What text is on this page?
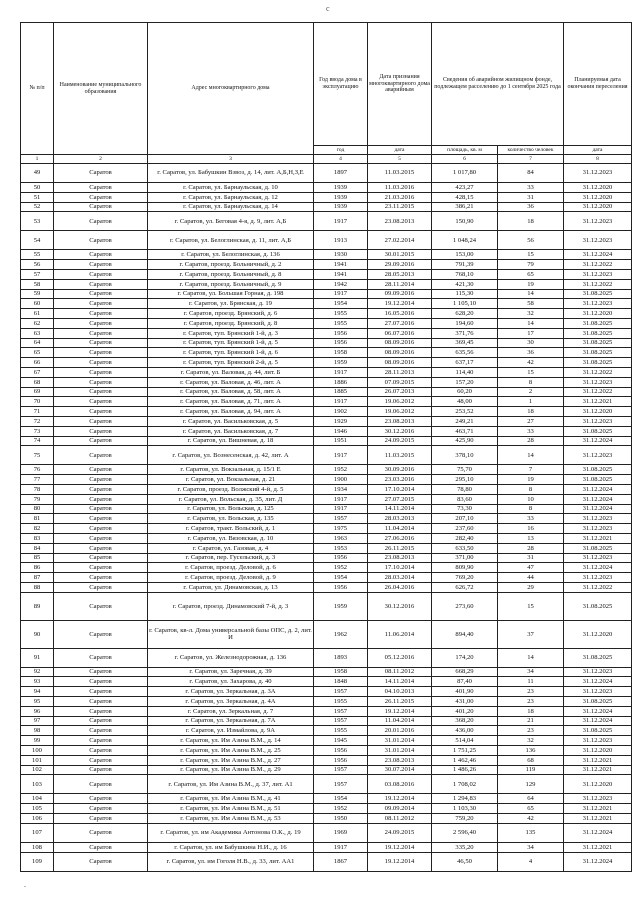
с
№ п/п	Наименование муниципального образования	Адрес многоквартирного дома	Год ввода дома в эксплуатацию	Дата признания многоквартирного дома аварийным	Сведения об аварийном жилищном фонде, подлежащем расселению до 1 сентября 2025 года		Планируемая дата окончания переселения
			год	дата	площадь, кв. м	количество человек	дата
1	2	3	4	5	6	7	8
49	Саратов	г. Саратов, ул. Бабушкин Взвоз, д. 14, лит. А,Б,Н,З,Е	1897	11.03.2015	1 017,80	84	31.12.2023
50	Саратов	г. Саратов, ул. Барнаульская, д. 10	1939	11.03.2016	423,27	33	31.12.2020
51	Саратов	г. Саратов, ул. Барнаульская, д. 12	1939	21.03.2016	428,15	31	31.12.2020
52	Саратов	г. Саратов, ул. Барнаульская, д. 14	1939	23.11.2015	386,21	36	31.12.2020
53	Саратов	г. Саратов, ул. Беговая 4-я, д. 9, лит. А,Б	1917	23.08.2013	150,90	18	31.12.2023
54	Саратов	г. Саратов, ул. Белоглинская, д. 11, лит. А,Б	1913	27.02.2014	1 048,24	56	31.12.2023
55	Саратов	г. Саратов, ул. Белоглинская, д. 136	1930	30.01.2015	153,00	15	31.12.2024
56	Саратов	г. Саратов, проезд. Больничный, д. 2	1941	29.09.2016	791,39	79	31.12.2022
57	Саратов	г. Саратов, проезд. Больничный, д. 8	1941	28.05.2013	768,10	65	31.12.2023
58	Саратов	г. Саратов, проезд. Больничный, д. 9	1942	28.11.2014	421,30	19	31.12.2022
59	Саратов	г. Саратов, ул. Большая Горная, д. 198	1917	09.09.2016	115,30	14	31.08.2025
60	Саратов	г. Саратов, ул. Брянская, д. 19	1954	19.12.2014	1 105,10	58	31.12.2023
61	Саратов	г. Саратов, проезд. Брянский, д. 6	1955	16.05.2016	628,20	32	31.12.2020
62	Саратов	г. Саратов, проезд. Брянский, д. 8	1955	27.07.2016	194,60	14	31.08.2025
63	Саратов	г. Саратов, туп. Брянский 1-й, д. 3	1956	06.07.2016	371,76	17	31.08.2025
64	Саратов	г. Саратов, туп. Брянский 1-й, д. 5	1956	08.09.2016	369,45	30	31.08.2025
65	Саратов	г. Саратов, туп. Брянский 1-й, д. 6	1958	08.09.2016	635,56	36	31.08.2025
66	Саратов	г. Саратов, туп. Брянский 2-й, д. 5	1959	08.09.2016	637,17	42	31.08.2025
67	Саратов	г. Саратов, ул. Валовая, д. 44, лит. Б	1917	28.11.2013	114,40	15	31.12.2022
68	Саратов	г. Саратов, ул. Валовая, д. 46, лит. А	1886	07.09.2015	157,20	8	31.12.2023
69	Саратов	г. Саратов, ул. Валовая, д. 58, лит. А	1885	26.07.2013	60,20	2	31.12.2022
70	Саратов	г. Саратов, ул. Валовая, д. 71, лит. А	1917	19.06.2012	48,00	1	31.12.2021
71	Саратов	г. Саратов, ул. Валовая, д. 94, лит. А	1902	19.06.2012	253,52	18	31.12.2020
72	Саратов	г. Саратов, ул. Васильковская, д. 5	1929	23.08.2013	249,21	27	31.12.2023
73	Саратов	г. Саратов, ул. Васильковская, д. 7	1946	30.12.2016	463,71	33	31.08.2025
74	Саратов	г. Саратов, ул. Вишневая, д. 18	1951	24.09.2015	425,90	28	31.12.2024
75	Саратов	г. Саратов, ул. Вознесенская, д. 42, лит. А	1917	11.03.2015	378,10	14	31.12.2023
76	Саратов	г. Саратов, ул. Вокзальная, д. 15/1 Е	1952	30.09.2016	75,70	7	31.08.2025
77	Саратов	г. Саратов, ул. Вокзальная, д. 21	1900	23.03.2016	295,10	19	31.08.2025
78	Саратов	г. Саратов, проезд. Волжский 4-й, д. 5	1934	17.10.2014	78,80	8	31.12.2024
79	Саратов	г. Саратов, ул. Вольская, д. 35, лит. Д	1917	27.07.2015	83,60	10	31.12.2024
80	Саратов	г. Саратов, ул. Вольская, д. 125	1917	14.11.2014	73,30	8	31.12.2024
81	Саратов	г. Саратов, ул. Вольская, д. 135	1957	28.03.2013	207,10	33	31.12.2023
82	Саратов	г. Саратов, тракт. Вольский, д. 1	1975	11.04.2014	237,60	16	31.12.2023
83	Саратов	г. Саратов, ул. Вязовская, д. 10	1963	27.06.2016	282,40	13	31.12.2021
84	Саратов	г. Саратов, ул. Газовая, д. 4	1953	26.11.2015	633,50	28	31.08.2025
85	Саратов	г. Саратов, пер. Гусельский, д. 3	1956	23.08.2013	371,00	31	31.12.2023
86	Саратов	г. Саратов, проезд. Деловой, д. 6	1952	17.10.2014	809,90	47	31.12.2024
87	Саратов	г. Саратов, проезд. Деловой, д. 9	1954	28.03.2014	769,20	44	31.12.2023
88	Саратов	г. Саратов, ул. Динамовская, д. 13	1956	26.04.2016	626,72	29	31.12.2022
89	Саратов	г. Саратов, проезд. Динамовский 7-й, д. 3	1959	30.12.2016	273,60	15	31.08.2025
90	Саратов	г. Саратов, кв-л. Дома универсальной базы ОПС, д. 2, лит. И	1962	11.06.2014	894,40	37	31.12.2020
91	Саратов	г. Саратов, ул. Железнодорожная, д. 136	1893	05.12.2016	174,20	14	31.08.2025
92	Саратов	г. Саратов, ул. Заречная, д. 39	1958	08.11.2012	668,29	34	31.12.2023
93	Саратов	г. Саратов, ул. Захарова, д. 40	1848	14.11.2014	87,40	11	31.12.2024
94	Саратов	г. Саратов, ул. Зеркальная, д. 3А	1957	04.10.2013	401,90	23	31.12.2023
95	Саратов	г. Саратов, ул. Зеркальная, д. 4А	1955	26.11.2015	431,00	23	31.08.2025
96	Саратов	г. Саратов, ул. Зеркальная, д. 7	1957	19.12.2014	401,20	18	31.12.2024
97	Саратов	г. Саратов, ул. Зеркальная, д. 7А	1957	11.04.2014	368,20	21	31.12.2024
98	Саратов	г. Саратов, ул. Измайлова, д. 9А	1955	20.01.2016	436,00	23	31.08.2025
99	Саратов	г. Саратов, ул. Им Азина В.М., д. 14	1945	31.01.2014	514,04	32	31.12.2023
100	Саратов	г. Саратов, ул. Им Азина В.М., д. 25	1956	31.01.2014	1 751,25	136	31.12.2020
101	Саратов	г. Саратов, ул. Им Азина В.М., д. 27	1956	23.08.2013	1 462,46	68	31.12.2021
102	Саратов	г. Саратов, ул. Им Азина В.М., д. 29	1957	30.07.2014	1 486,26	119	31.12.2021
103	Саратов	г. Саратов, ул. Им Азина В.М., д. 37, лит. А1	1957	03.08.2016	1 708,02	129	31.12.2020
104	Саратов	г. Саратов, ул. Им Азина В.М., д. 41	1954	19.12.2014	1 294,83	64	31.12.2023
105	Саратов	г. Саратов, ул. Им Азина В.М., д. 51	1952	09.09.2014	1 103,30	65	31.12.2021
106	Саратов	г. Саратов, ул. Им Азина В.М., д. 53	1950	08.11.2012	759,20	42	31.12.2021
107	Саратов	г. Саратов, ул. им Академика Антонова О.К., д. 19	1969	24.09.2015	2 596,40	135	31.12.2024
108	Саратов	г. Саратов, ул. им Бабушкина Н.И., д. 16	1917	19.12.2014	335,20	34	31.12.2021
109	Саратов	г. Саратов, ул. им Гоголя Н.В., д. 33, лит. АА1	1867	19.12.2014	46,50	4	31.12.2024
.
